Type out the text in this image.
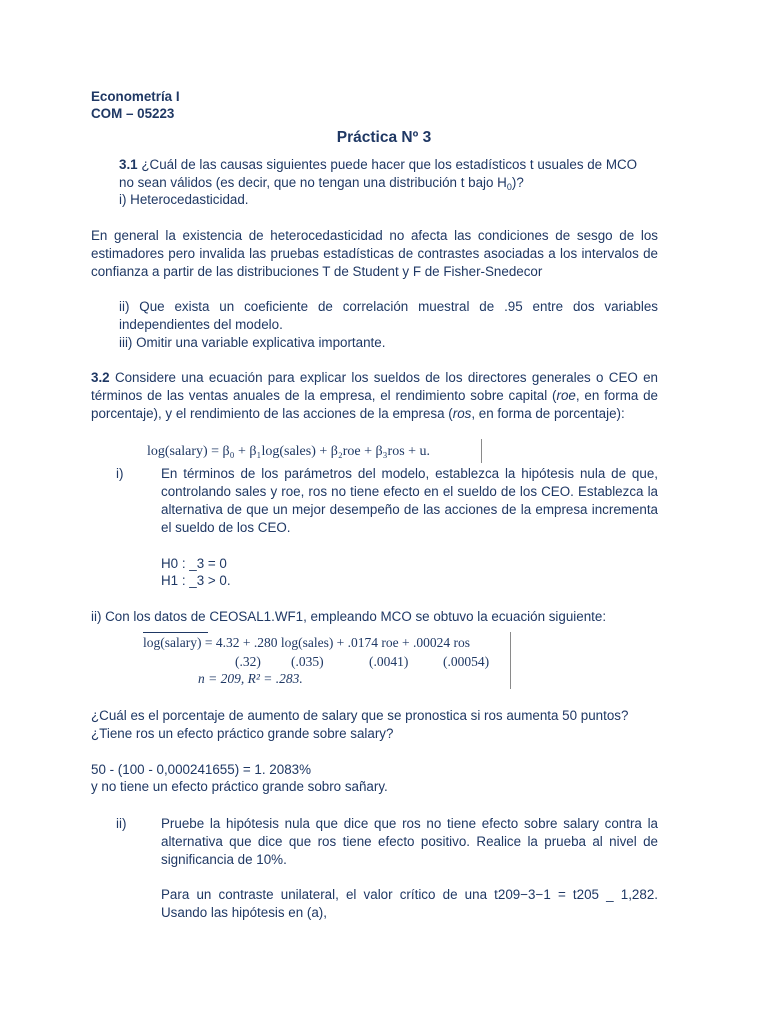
Econometría I
COM – 05223
Práctica Nº 3
3.1 ¿Cuál de las causas siguientes puede hacer que los estadísticos t usuales de MCO
no sean válidos (es decir, que no tengan una distribución t bajo $H_0$)?
i) Heterocedasticidad.
En general la existencia de heterocedasticidad no afecta las condiciones de sesgo de los estimadores pero invalida las pruebas estadísticas de contrastes asociadas a los intervalos de confianza a partir de las distribuciones T de Student y F de Fisher-Snedecor
ii) Que exista un coeficiente de correlación muestral de .95 entre dos variables independientes del modelo.
iii) Omitir una variable explicativa importante.
3.2 Considere una ecuación para explicar los sueldos de los directores generales o CEO en términos de las ventas anuales de la empresa, el rendimiento sobre capital (roe, en forma de porcentaje), y el rendimiento de las acciones de la empresa (ros, en forma de porcentaje):
log(salary) = β₀ + β₁log(sales) + β₂roe + β₃ros + u.
i)	En términos de los parámetros del modelo, establezca la hipótesis nula de que, controlando sales y roe, ros no tiene efecto en el sueldo de los CEO. Establezca la alternativa de que un mejor desempeño de las acciones de la empresa incrementa el sueldo de los CEO.
H0 : _3 = 0
H1 : _3 > 0.
ii) Con los datos de CEOSAL1.WF1, empleando MCO se obtuvo la ecuación siguiente:
log(salary) = 4.32 + .280 log(sales) + .0174 roe + .00024 ros
(.32) (.035)	(.0041)	(.00054)
n = 209, R² = .283.
¿Cuál es el porcentaje de aumento de salary que se pronostica si ros aumenta 50 puntos?
¿Tiene ros un efecto práctico grande sobre salary?
50 - (100 - 0,000241655) = 1. 2083%
y no tiene un efecto práctico grande sobro sañary.
ii)	Pruebe la hipótesis nula que dice que ros no tiene efecto sobre salary contra la alternativa que dice que ros tiene efecto positivo. Realice la prueba al nivel de significancia de 10%.
Para un contraste unilateral, el valor crítico de una t209−3−1 = t205 _ 1,282.
Usando las hipótesis en (a),
